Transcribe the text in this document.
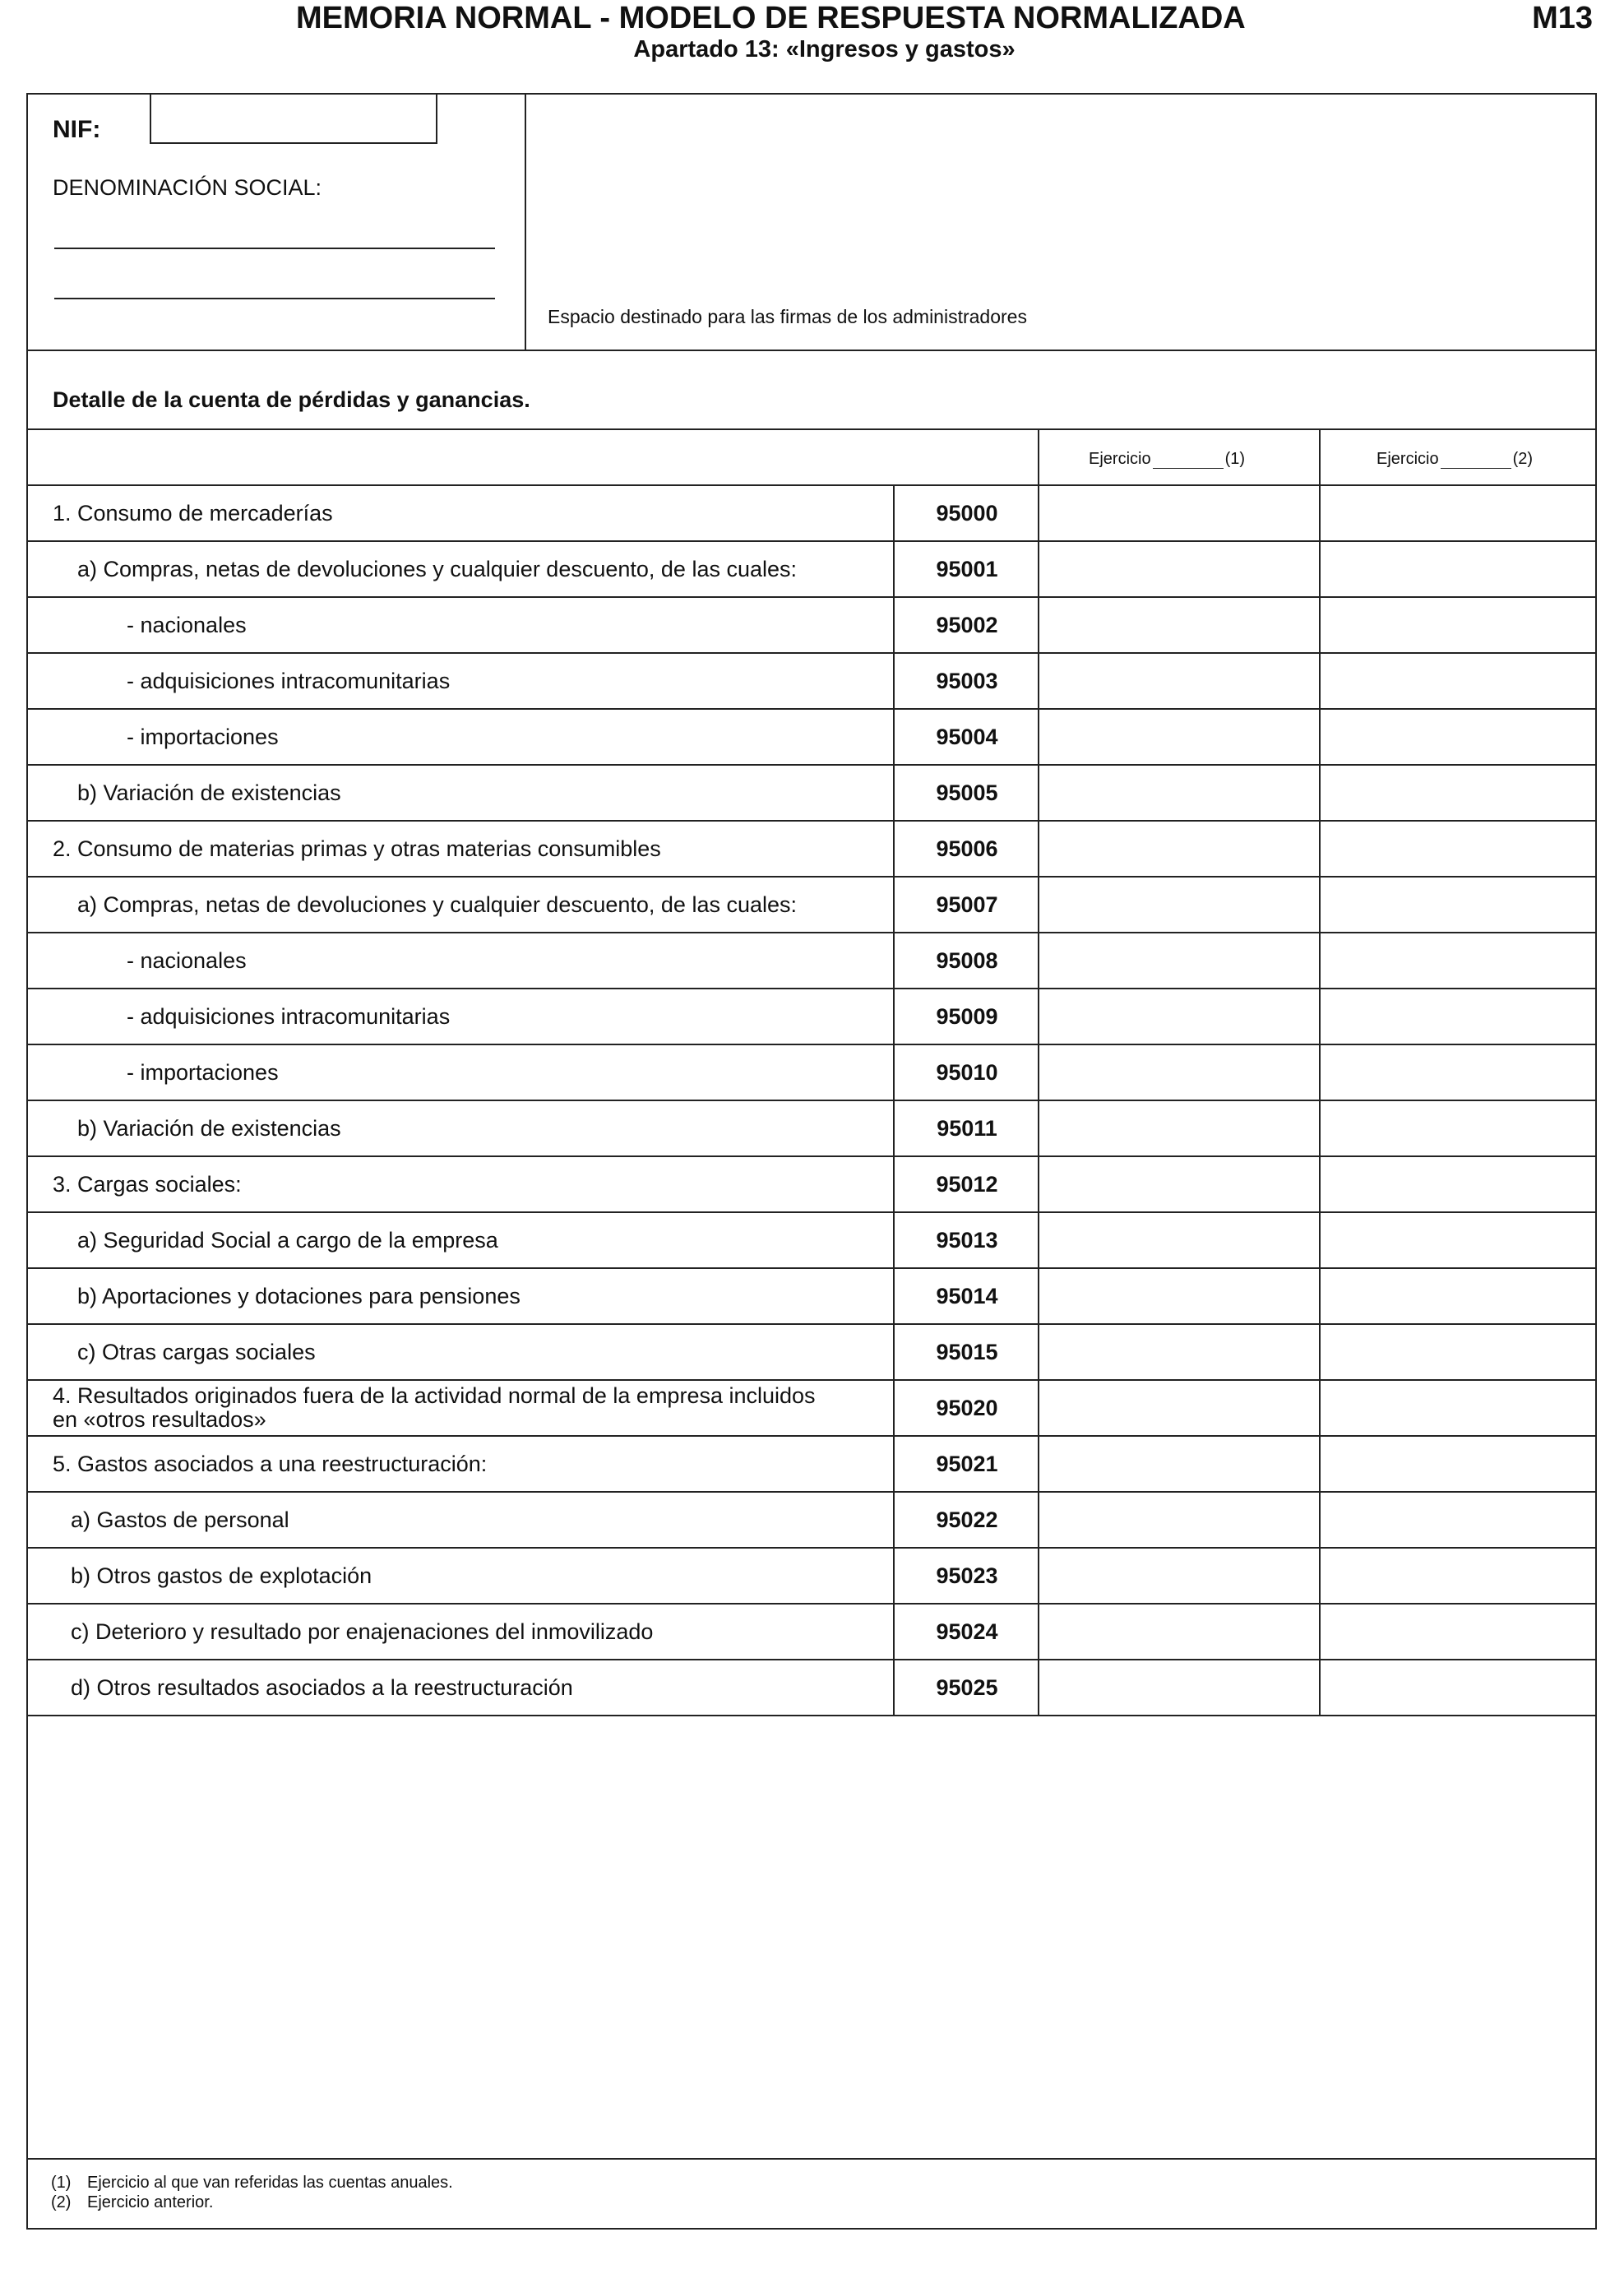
MEMORIA NORMAL - MODELO DE RESPUESTA NORMALIZADA	M13
Apartado 13: «Ingresos y gastos»
NIF:
DENOMINACIÓN SOCIAL:
Espacio destinado para las firmas de los administradores
Detalle de la cuenta de pérdidas y ganancias.
Ejercicio	(1)	Ejercicio	(2)
1. Consumo de mercaderías	95000
a) Compras, netas de devoluciones y cualquier descuento, de las cuales:	95001
- nacionales	95002
- adquisiciones intracomunitarias	95003
- importaciones	95004
b) Variación de existencias	95005
2. Consumo de materias primas y otras materias consumibles	95006
a) Compras, netas de devoluciones y cualquier descuento, de las cuales:	95007
- nacionales	95008
- adquisiciones intracomunitarias	95009
- importaciones	95010
b) Variación de existencias	95011
3. Cargas sociales:	95012
a) Seguridad Social a cargo de la empresa	95013
b) Aportaciones y dotaciones para pensiones	95014
c) Otras cargas sociales	95015
4. Resultados originados fuera de la actividad normal de la empresa incluidos
en «otros resultados»	95020
5. Gastos asociados a una reestructuración:	95021
a) Gastos de personal	95022
b) Otros gastos de explotación	95023
c) Deterioro y resultado por enajenaciones del inmovilizado	95024
d) Otros resultados asociados a la reestructuración	95025
(1) Ejercicio al que van referidas las cuentas anuales.
(2) Ejercicio anterior.
